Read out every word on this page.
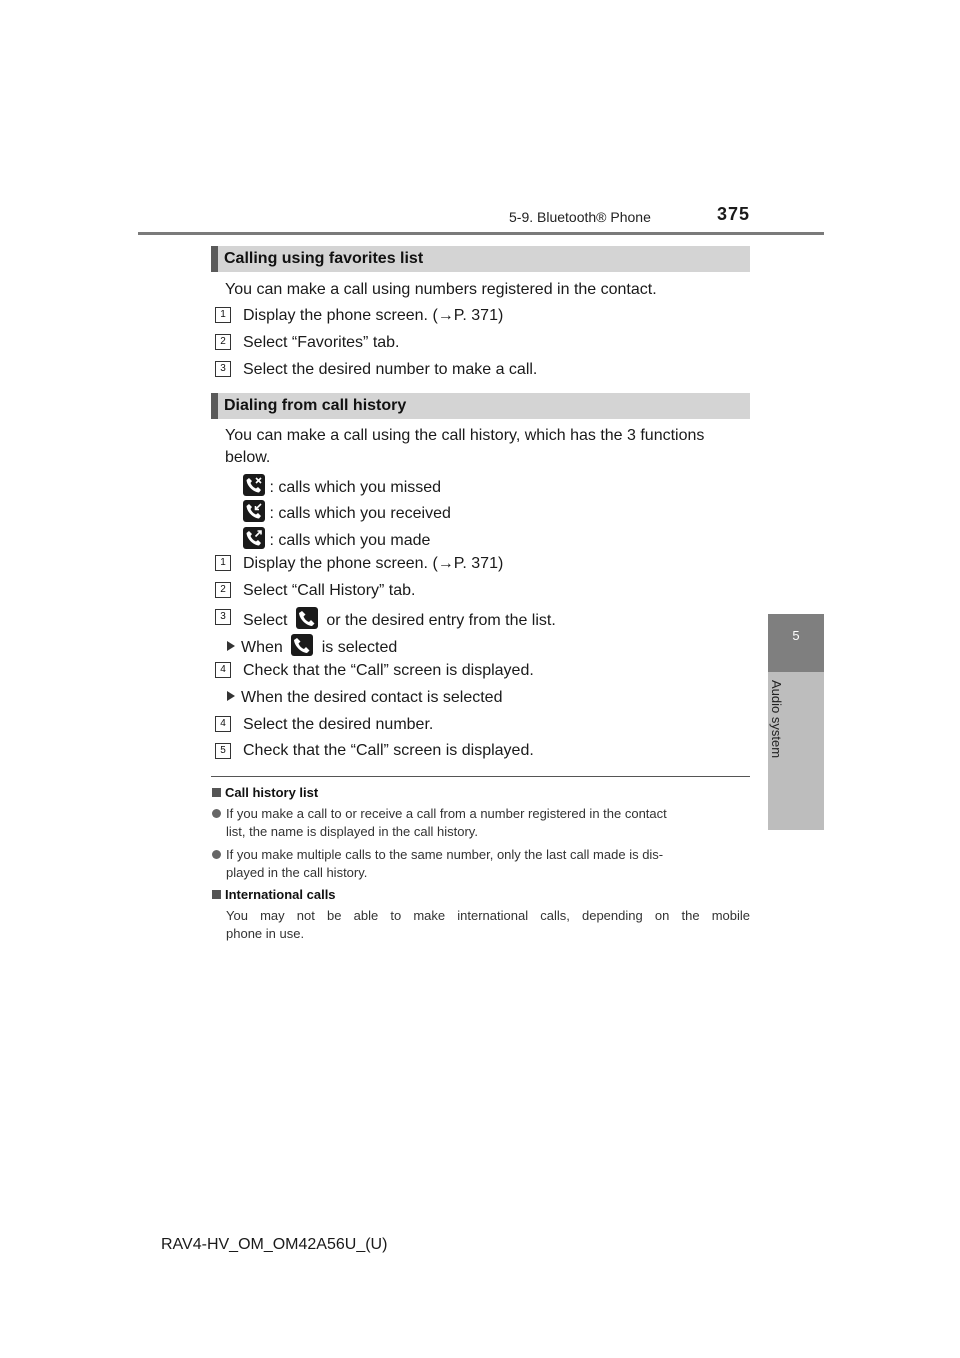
5-9. Bluetooth® Phone	375
5
Audio system
Calling using favorites list
You can make a call using numbers registered in the contact.
1	Display the phone screen. (→P. 371)
2	Select “Favorites” tab.
3	Select the desired number to make a call.
Dialing from call history
You can make a call using the call history, which has the 3 functions
below.
: calls which you missed
: calls which you received
: calls which you made
1	Display the phone screen. (→P. 371)
2	Select “Call History” tab.
3	Select or the desired entry from the list.
When is selected
4	Check that the “Call” screen is displayed.
When the desired contact is selected
4	Select the desired number.
5	Check that the “Call” screen is displayed.
Call history list
If you make a call to or receive a call from a number registered in the contact
list, the name is displayed in the call history.
If you make multiple calls to the same number, only the last call made is dis-
played in the call history.
International calls
You may not be able to make international calls, depending on the mobile
phone in use.
RAV4-HV_OM_OM42A56U_(U)
